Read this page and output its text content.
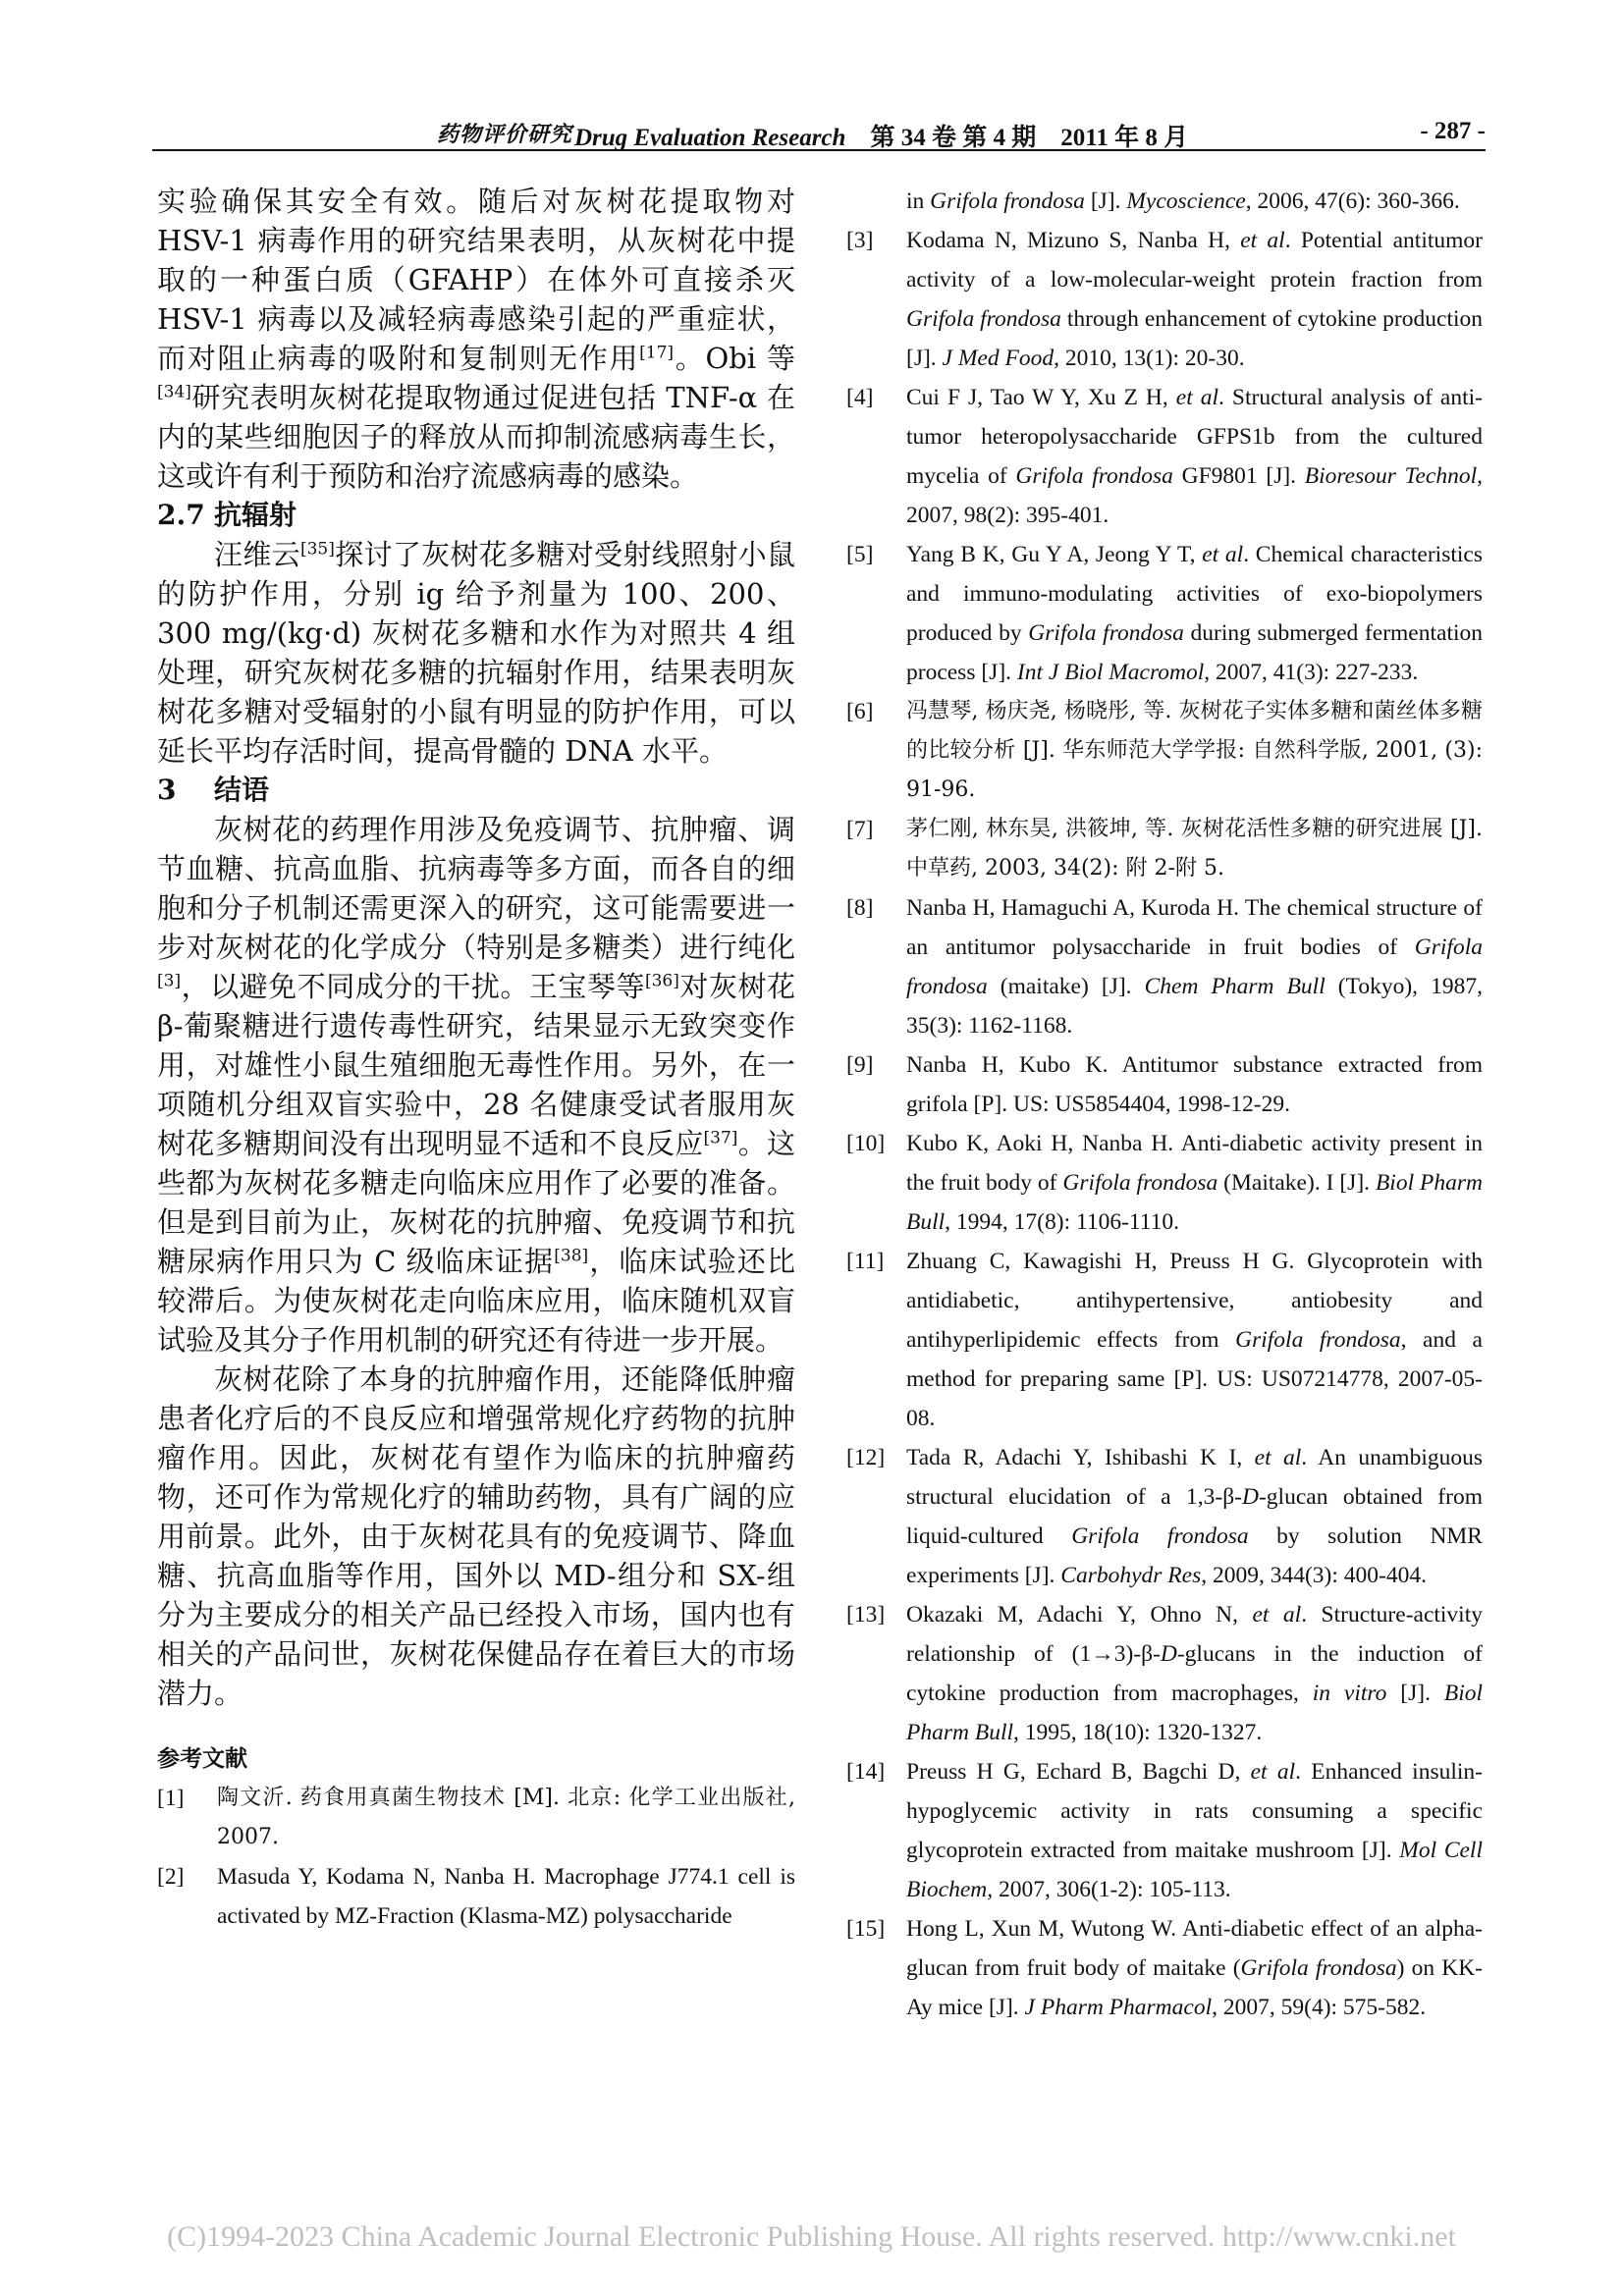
药物评价研究 Drug Evaluation Research　 第 34 卷 第 4 期　2011 年 8 月	- 287 -

实验确保其安全有效。随后对灰树花提取物对 HSV-1 病毒作用的研究结果表明，从灰树花中提取的一种蛋白质（GFAHP）在体外可直接杀灭 HSV-1 病毒以及减轻病毒感染引起的严重症状，而对阻止病毒的吸附和复制则无作用[17]。Obi 等[34]研究表明灰树花提取物通过促进包括 TNF-α 在内的某些细胞因子的释放从而抑制流感病毒生长，这或许有利于预防和治疗流感病毒的感染。

2.7 抗辐射

汪维云[35]探讨了灰树花多糖对受射线照射小鼠的防护作用，分别 ig 给予剂量为 100、200、300 mg/(kg·d) 灰树花多糖和水作为对照共 4 组处理，研究灰树花多糖的抗辐射作用，结果表明灰树花多糖对受辐射的小鼠有明显的防护作用，可以延长平均存活时间，提高骨髓的 DNA 水平。

3 结语

灰树花的药理作用涉及免疫调节、抗肿瘤、调节血糖、抗高血脂、抗病毒等多方面，而各自的细胞和分子机制还需更深入的研究，这可能需要进一步对灰树花的化学成分（特别是多糖类）进行纯化[3]，以避免不同成分的干扰。王宝琴等[36]对灰树花 β-葡聚糖进行遗传毒性研究，结果显示无致突变作用，对雄性小鼠生殖细胞无毒性作用。另外，在一项随机分组双盲实验中，28 名健康受试者服用灰树花多糖期间没有出现明显不适和不良反应[37]。这些都为灰树花多糖走向临床应用作了必要的准备。但是到目前为止，灰树花的抗肿瘤、免疫调节和抗糖尿病作用只为 C 级临床证据[38]，临床试验还比较滞后。为使灰树花走向临床应用，临床随机双盲试验及其分子作用机制的研究还有待进一步开展。

灰树花除了本身的抗肿瘤作用，还能降低肿瘤患者化疗后的不良反应和增强常规化疗药物的抗肿瘤作用。因此，灰树花有望作为临床的抗肿瘤药物，还可作为常规化疗的辅助药物，具有广阔的应用前景。此外，由于灰树花具有的免疫调节、降血糖、抗高血脂等作用，国外以 MD-组分和 SX-组分为主要成分的相关产品已经投入市场，国内也有相关的产品问世，灰树花保健品存在着巨大的市场潜力。

参考文献

[1] 陶文沂. 药食用真菌生物技术 [M]. 北京: 化学工业出版社, 2007.

[2] Masuda Y, Kodama N, Nanba H. Macrophage J774.1 cell is activated by MZ-Fraction (Klasma-MZ) polysaccharide

in Grifola frondosa [J]. Mycoscience, 2006, 47(6): 360-366.

[3] Kodama N, Mizuno S, Nanba H, et al. Potential antitumor activity of a low-molecular-weight protein fraction from Grifola frondosa through enhancement of cytokine production [J]. J Med Food, 2010, 13(1): 20-30.

[4] Cui F J, Tao W Y, Xu Z H, et al. Structural analysis of anti-tumor heteropolysaccharide GFPS1b from the cultured mycelia of Grifola frondosa GF9801 [J]. Bioresour Technol, 2007, 98(2): 395-401.

[5] Yang B K, Gu Y A, Jeong Y T, et al. Chemical characteristics and immuno-modulating activities of exo-biopolymers produced by Grifola frondosa during submerged fermentation process [J]. Int J Biol Macromol, 2007, 41(3): 227-233.

[6] 冯慧琴, 杨庆尧, 杨晓彤, 等. 灰树花子实体多糖和菌丝体多糖的比较分析 [J]. 华东师范大学学报: 自然科学版, 2001, (3): 91-96.

[7] 茅仁刚, 林东昊, 洪筱坤, 等. 灰树花活性多糖的研究进展 [J]. 中草药, 2003, 34(2): 附 2-附 5.

[8] Nanba H, Hamaguchi A, Kuroda H. The chemical structure of an antitumor polysaccharide in fruit bodies of Grifola frondosa (maitake) [J]. Chem Pharm Bull (Tokyo), 1987, 35(3): 1162-1168.

[9] Nanba H, Kubo K. Antitumor substance extracted from grifola [P]. US: US5854404, 1998-12-29.

[10] Kubo K, Aoki H, Nanba H. Anti-diabetic activity present in the fruit body of Grifola frondosa (Maitake). I [J]. Biol Pharm Bull, 1994, 17(8): 1106-1110.

[11] Zhuang C, Kawagishi H, Preuss H G. Glycoprotein with antidiabetic, antihypertensive, antiobesity and antihyperlipidemic effects from Grifola frondosa, and a method for preparing same [P]. US: US07214778, 2007-05-08.

[12] Tada R, Adachi Y, Ishibashi K I, et al. An unambiguous structural elucidation of a 1,3-β-D-glucan obtained from liquid-cultured Grifola frondosa by solution NMR experiments [J]. Carbohydr Res, 2009, 344(3): 400-404.

[13] Okazaki M, Adachi Y, Ohno N, et al. Structure-activity relationship of (1→3)-β-D-glucans in the induction of cytokine production from macrophages, in vitro [J]. Biol Pharm Bull, 1995, 18(10): 1320-1327.

[14] Preuss H G, Echard B, Bagchi D, et al. Enhanced insulin-hypoglycemic activity in rats consuming a specific glycoprotein extracted from maitake mushroom [J]. Mol Cell Biochem, 2007, 306(1-2): 105-113.

[15] Hong L, Xun M, Wutong W. Anti-diabetic effect of an alpha-glucan from fruit body of maitake (Grifola frondosa) on KK-Ay mice [J]. J Pharm Pharmacol, 2007, 59(4): 575-582.

(C)1994-2023 China Academic Journal Electronic Publishing House. All rights reserved. http://www.cnki.net
